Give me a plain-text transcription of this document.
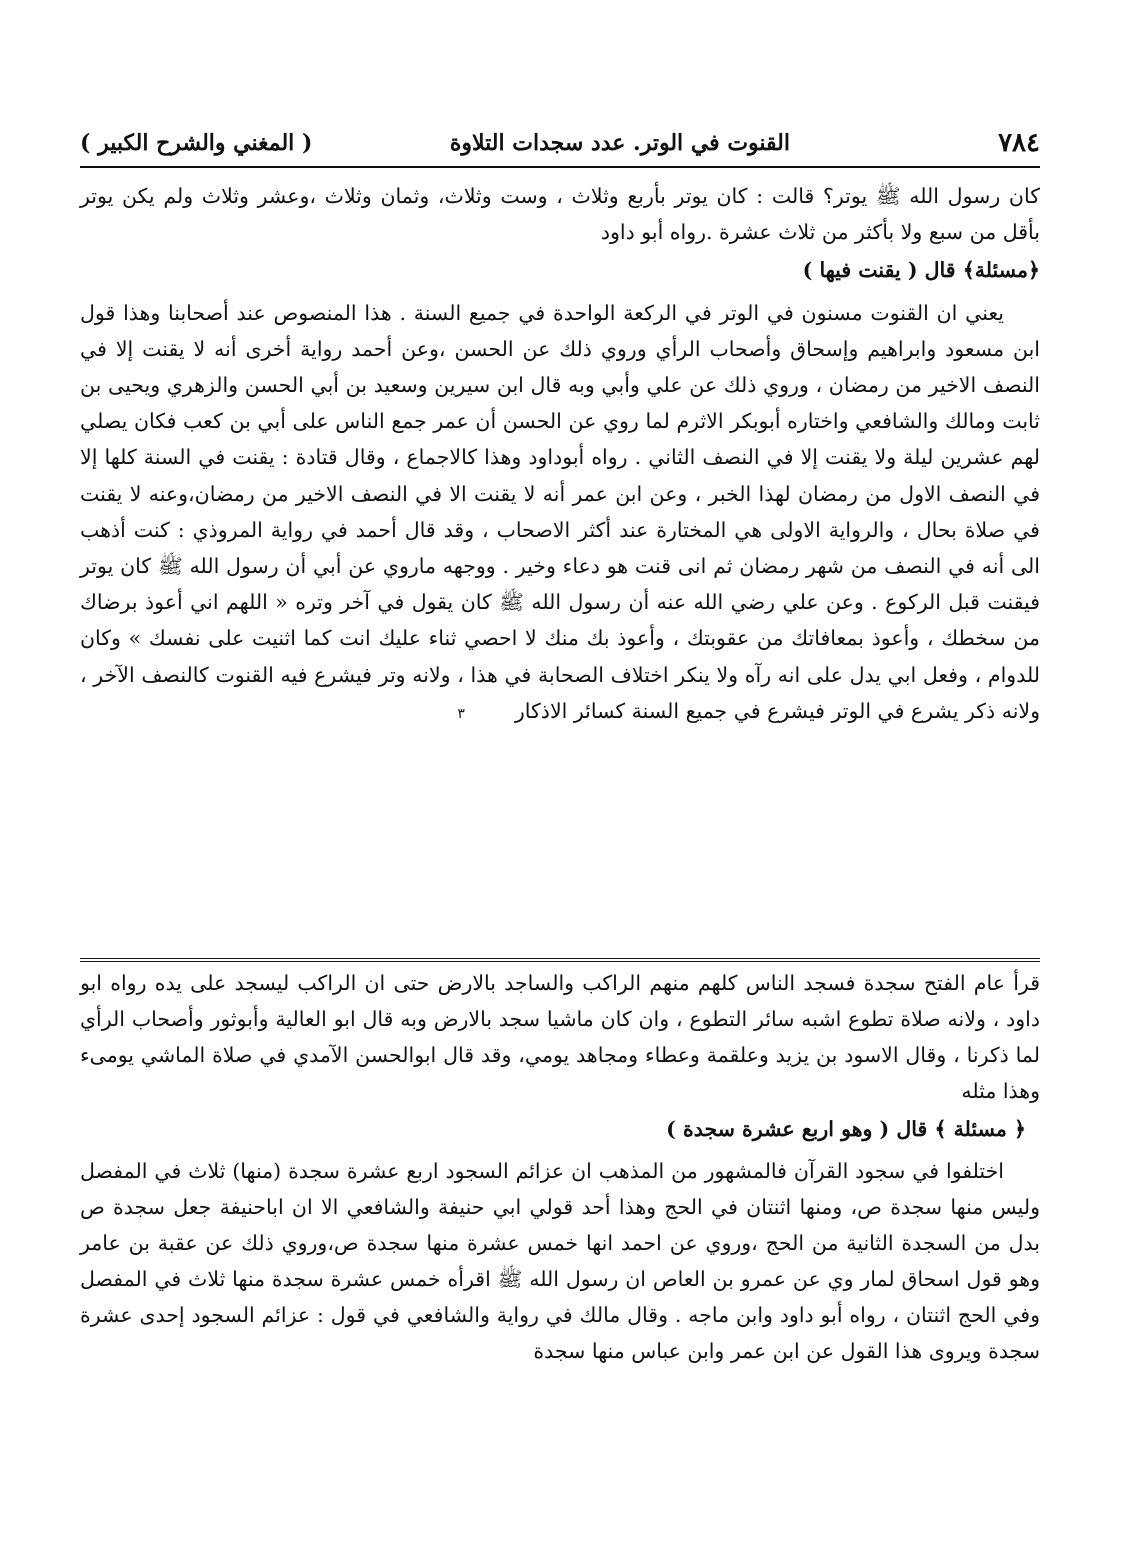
٧٨٤
القنوت في الوتر. عدد سجدات التلاوة
( المغني والشرح الكبير )

كان رسول الله ﷺ يوتر؟ قالت : كان يوتر بأربع وثلاث ، وست وثلاث، وثمان وثلاث ،وعشر وثلاث ولم يكن يوتر بأقل من سبع ولا بأكثر من ثلاث عشرة .رواه أبو داود

﴿مسئلة﴾ قال ( يقنت فيها )

يعني ان القنوت مسنون في الوتر في الركعة الواحدة في جميع السنة . هذا المنصوص عند أصحابنا وهذا قول ابن مسعود وابراهيم وإسحاق وأصحاب الرأي وروي ذلك عن الحسن ،وعن أحمد رواية أخرى أنه لا يقنت إلا في النصف الاخير من رمضان ، وروي ذلك عن علي وأبي وبه قال ابن سيرين وسعيد بن أبي الحسن والزهري ويحيى بن ثابت ومالك والشافعي واختاره أبوبكر الاثرم لما روي عن الحسن أن عمر جمع الناس على أبي بن كعب فكان يصلي لهم عشرين ليلة ولا يقنت إلا في النصف الثاني . رواه أبوداود وهذا كالاجماع ، وقال قتادة : يقنت في السنة كلها إلا في النصف الاول من رمضان لهذا الخبر ، وعن ابن عمر أنه لا يقنت الا في النصف الاخير من رمضان،وعنه لا يقنت في صلاة بحال ، والرواية الاولى هي المختارة عند أكثر الاصحاب ، وقد قال أحمد في رواية المروذي : كنت أذهب الى أنه في النصف من شهر رمضان ثم انى قنت هو دعاء وخير . ووجهه ماروي عن أبي أن رسول الله ﷺ كان يوتر فيقنت قبل الركوع . وعن علي رضي الله عنه أن رسول الله ﷺ كان يقول في آخر وتره « اللهم اني أعوذ برضاك من سخطك ، وأعوذ بمعافاتك من عقوبتك ، وأعوذ بك منك لا احصي ثناء عليك انت كما اثنيت على نفسك » وكان للدوام ، وفعل ابي يدل على انه رآه ولا ينكر اختلاف الصحابة في هذا ، ولانه وتر فيشرع فيه القنوت كالنصف الآخر ، ولانه ذكر يشرع في الوتر فيشرع في جميع السنة كسائر الاذكار٣

قرأ عام الفتح سجدة فسجد الناس كلهم منهم الراكب والساجد بالارض حتى ان الراكب ليسجد على يده رواه ابو داود ، ولانه صلاة تطوع اشبه سائر التطوع ، وان كان ماشيا سجد بالارض وبه قال ابو العالية وأبوثور وأصحاب الرأي لما ذكرنا ، وقال الاسود بن يزيد وعلقمة وعطاء ومجاهد يومي، وقد قال ابوالحسن الآمدي في صلاة الماشي يومىء وهذا مثله

﴿ مسئلة ﴾ قال ( وهو اربع عشرة سجدة )

اختلفوا في سجود القرآن فالمشهور من المذهب ان عزائم السجود اربع عشرة سجدة (منها) ثلاث في المفصل وليس منها سجدة ص، ومنها اثنتان في الحج وهذا أحد قولي ابي حنيفة والشافعي الا ان اباحنيفة جعل سجدة ص بدل من السجدة الثانية من الحج ،وروي عن احمد انها خمس عشرة منها سجدة ص،وروي ذلك عن عقبة بن عامر وهو قول اسحاق لمار وي عن عمرو بن العاص ان رسول الله ﷺ اقرأه خمس عشرة سجدة منها ثلاث في المفصل وفي الحج اثنتان ، رواه أبو داود وابن ماجه . وقال مالك في رواية والشافعي في قول : عزائم السجود إحدى عشرة سجدة ويروى هذا القول عن ابن عمر وابن عباس منها سجدة
